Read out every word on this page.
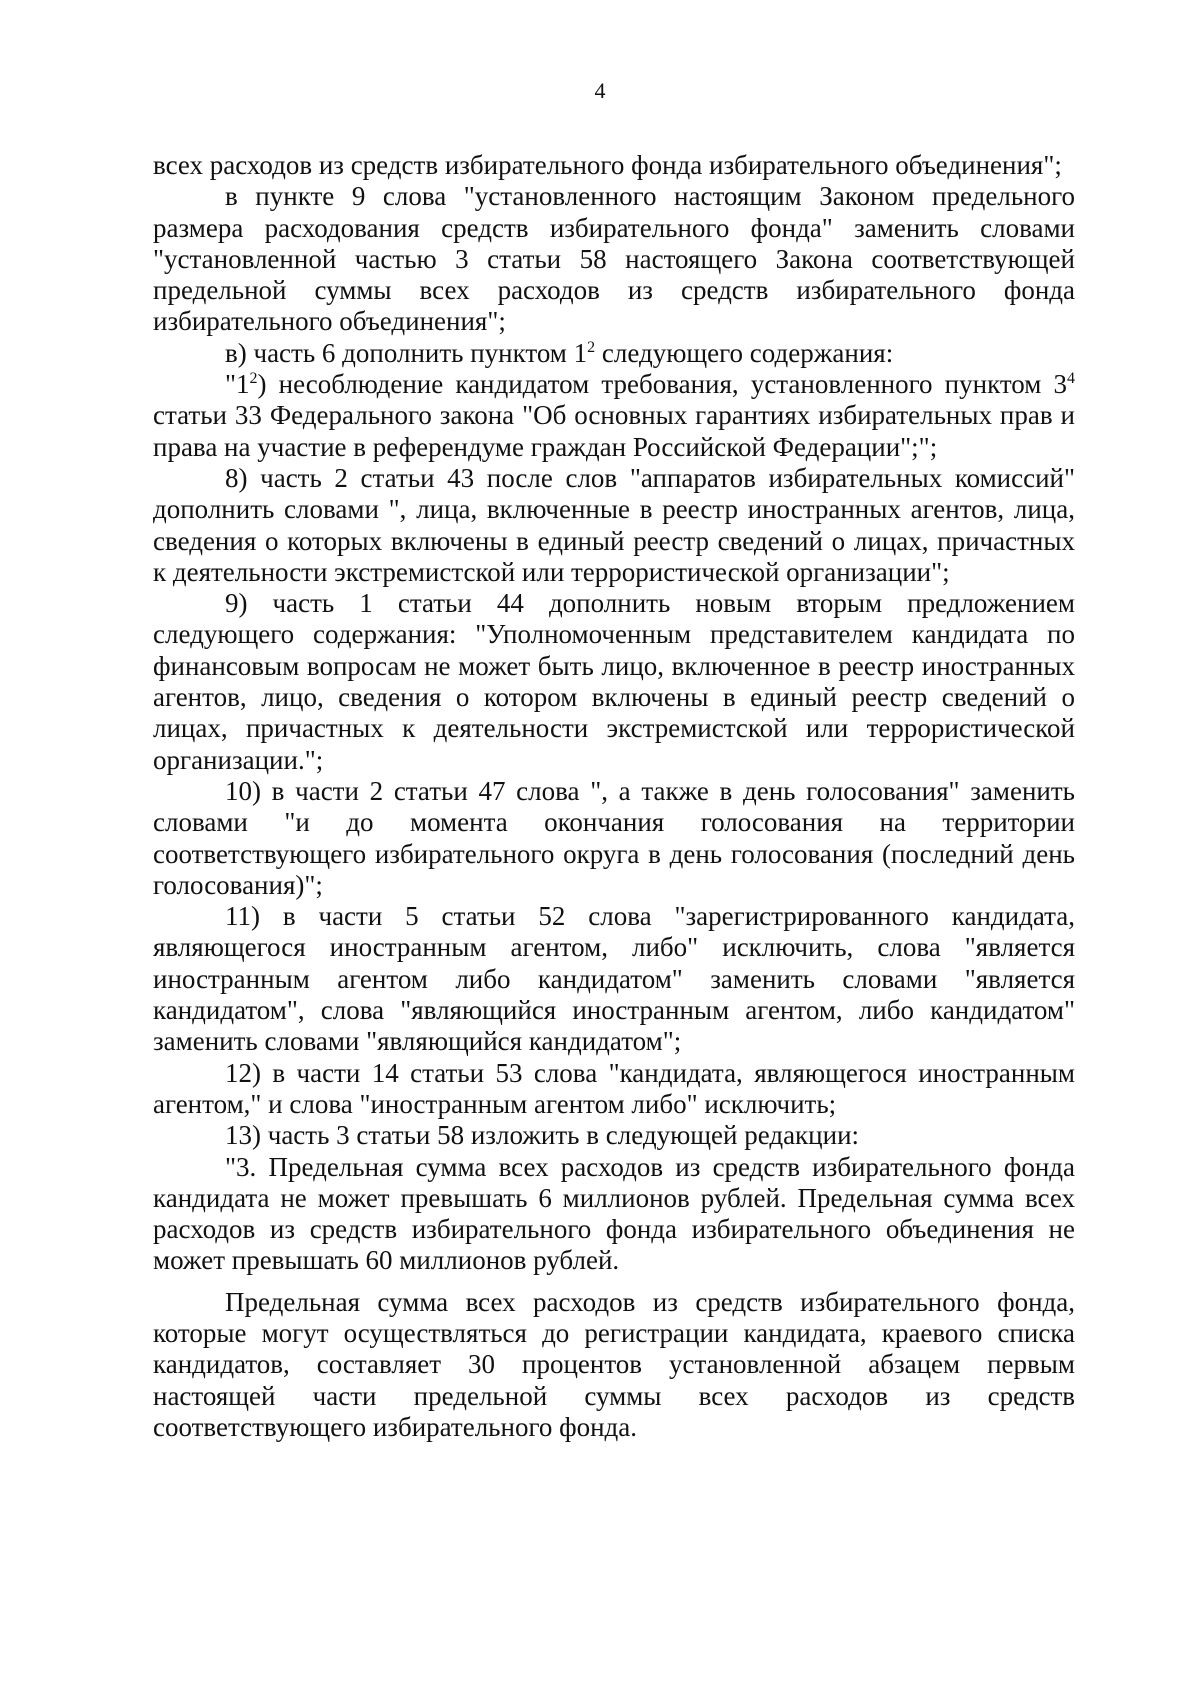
4

всех расходов из средств избирательного фонда избирательного объединения";

в пункте 9 слова "установленного настоящим Законом предельного размера расходования средств избирательного фонда" заменить словами "установленной частью 3 статьи 58 настоящего Закона соответствующей предельной суммы всех расходов из средств избирательного фонда избирательного объединения";

в) часть 6 дополнить пунктом $1^2$ следующего содержания:

"$1^2$) несоблюдение кандидатом требования, установленного пунктом $3^4$ статьи 33 Федерального закона "Об основных гарантиях избирательных прав и права на участие в референдуме граждан Российской Федерации";";

8) часть 2 статьи 43 после слов "аппаратов избирательных комиссий" дополнить словами ", лица, включенные в реестр иностранных агентов, лица, сведения о которых включены в единый реестр сведений о лицах, причастных к деятельности экстремистской или террористической организации";

9) часть 1 статьи 44 дополнить новым вторым предложением следующего содержания: "Уполномоченным представителем кандидата по финансовым вопросам не может быть лицо, включенное в реестр иностранных агентов, лицо, сведения о котором включены в единый реестр сведений о лицах, причастных к деятельности экстремистской или террористической организации.";

10) в части 2 статьи 47 слова ", а также в день голосования" заменить словами "и до момента окончания голосования на территории соответствующего избирательного округа в день голосования (последний день голосования)";

11) в части 5 статьи 52 слова "зарегистрированного кандидата, являющегося иностранным агентом, либо" исключить, слова "является иностранным агентом либо кандидатом" заменить словами "является кандидатом", слова "являющийся иностранным агентом, либо кандидатом" заменить словами "являющийся кандидатом";

12) в части 14 статьи 53 слова "кандидата, являющегося иностранным агентом," и слова "иностранным агентом либо" исключить;

13) часть 3 статьи 58 изложить в следующей редакции:

"3. Предельная сумма всех расходов из средств избирательного фонда кандидата не может превышать 6 миллионов рублей. Предельная сумма всех расходов из средств избирательного фонда избирательного объединения не может превышать 60 миллионов рублей.

Предельная сумма всех расходов из средств избирательного фонда, которые могут осуществляться до регистрации кандидата, краевого списка кандидатов, составляет 30 процентов установленной абзацем первым настоящей части предельной суммы всех расходов из средств соответствующего избирательного фонда.
